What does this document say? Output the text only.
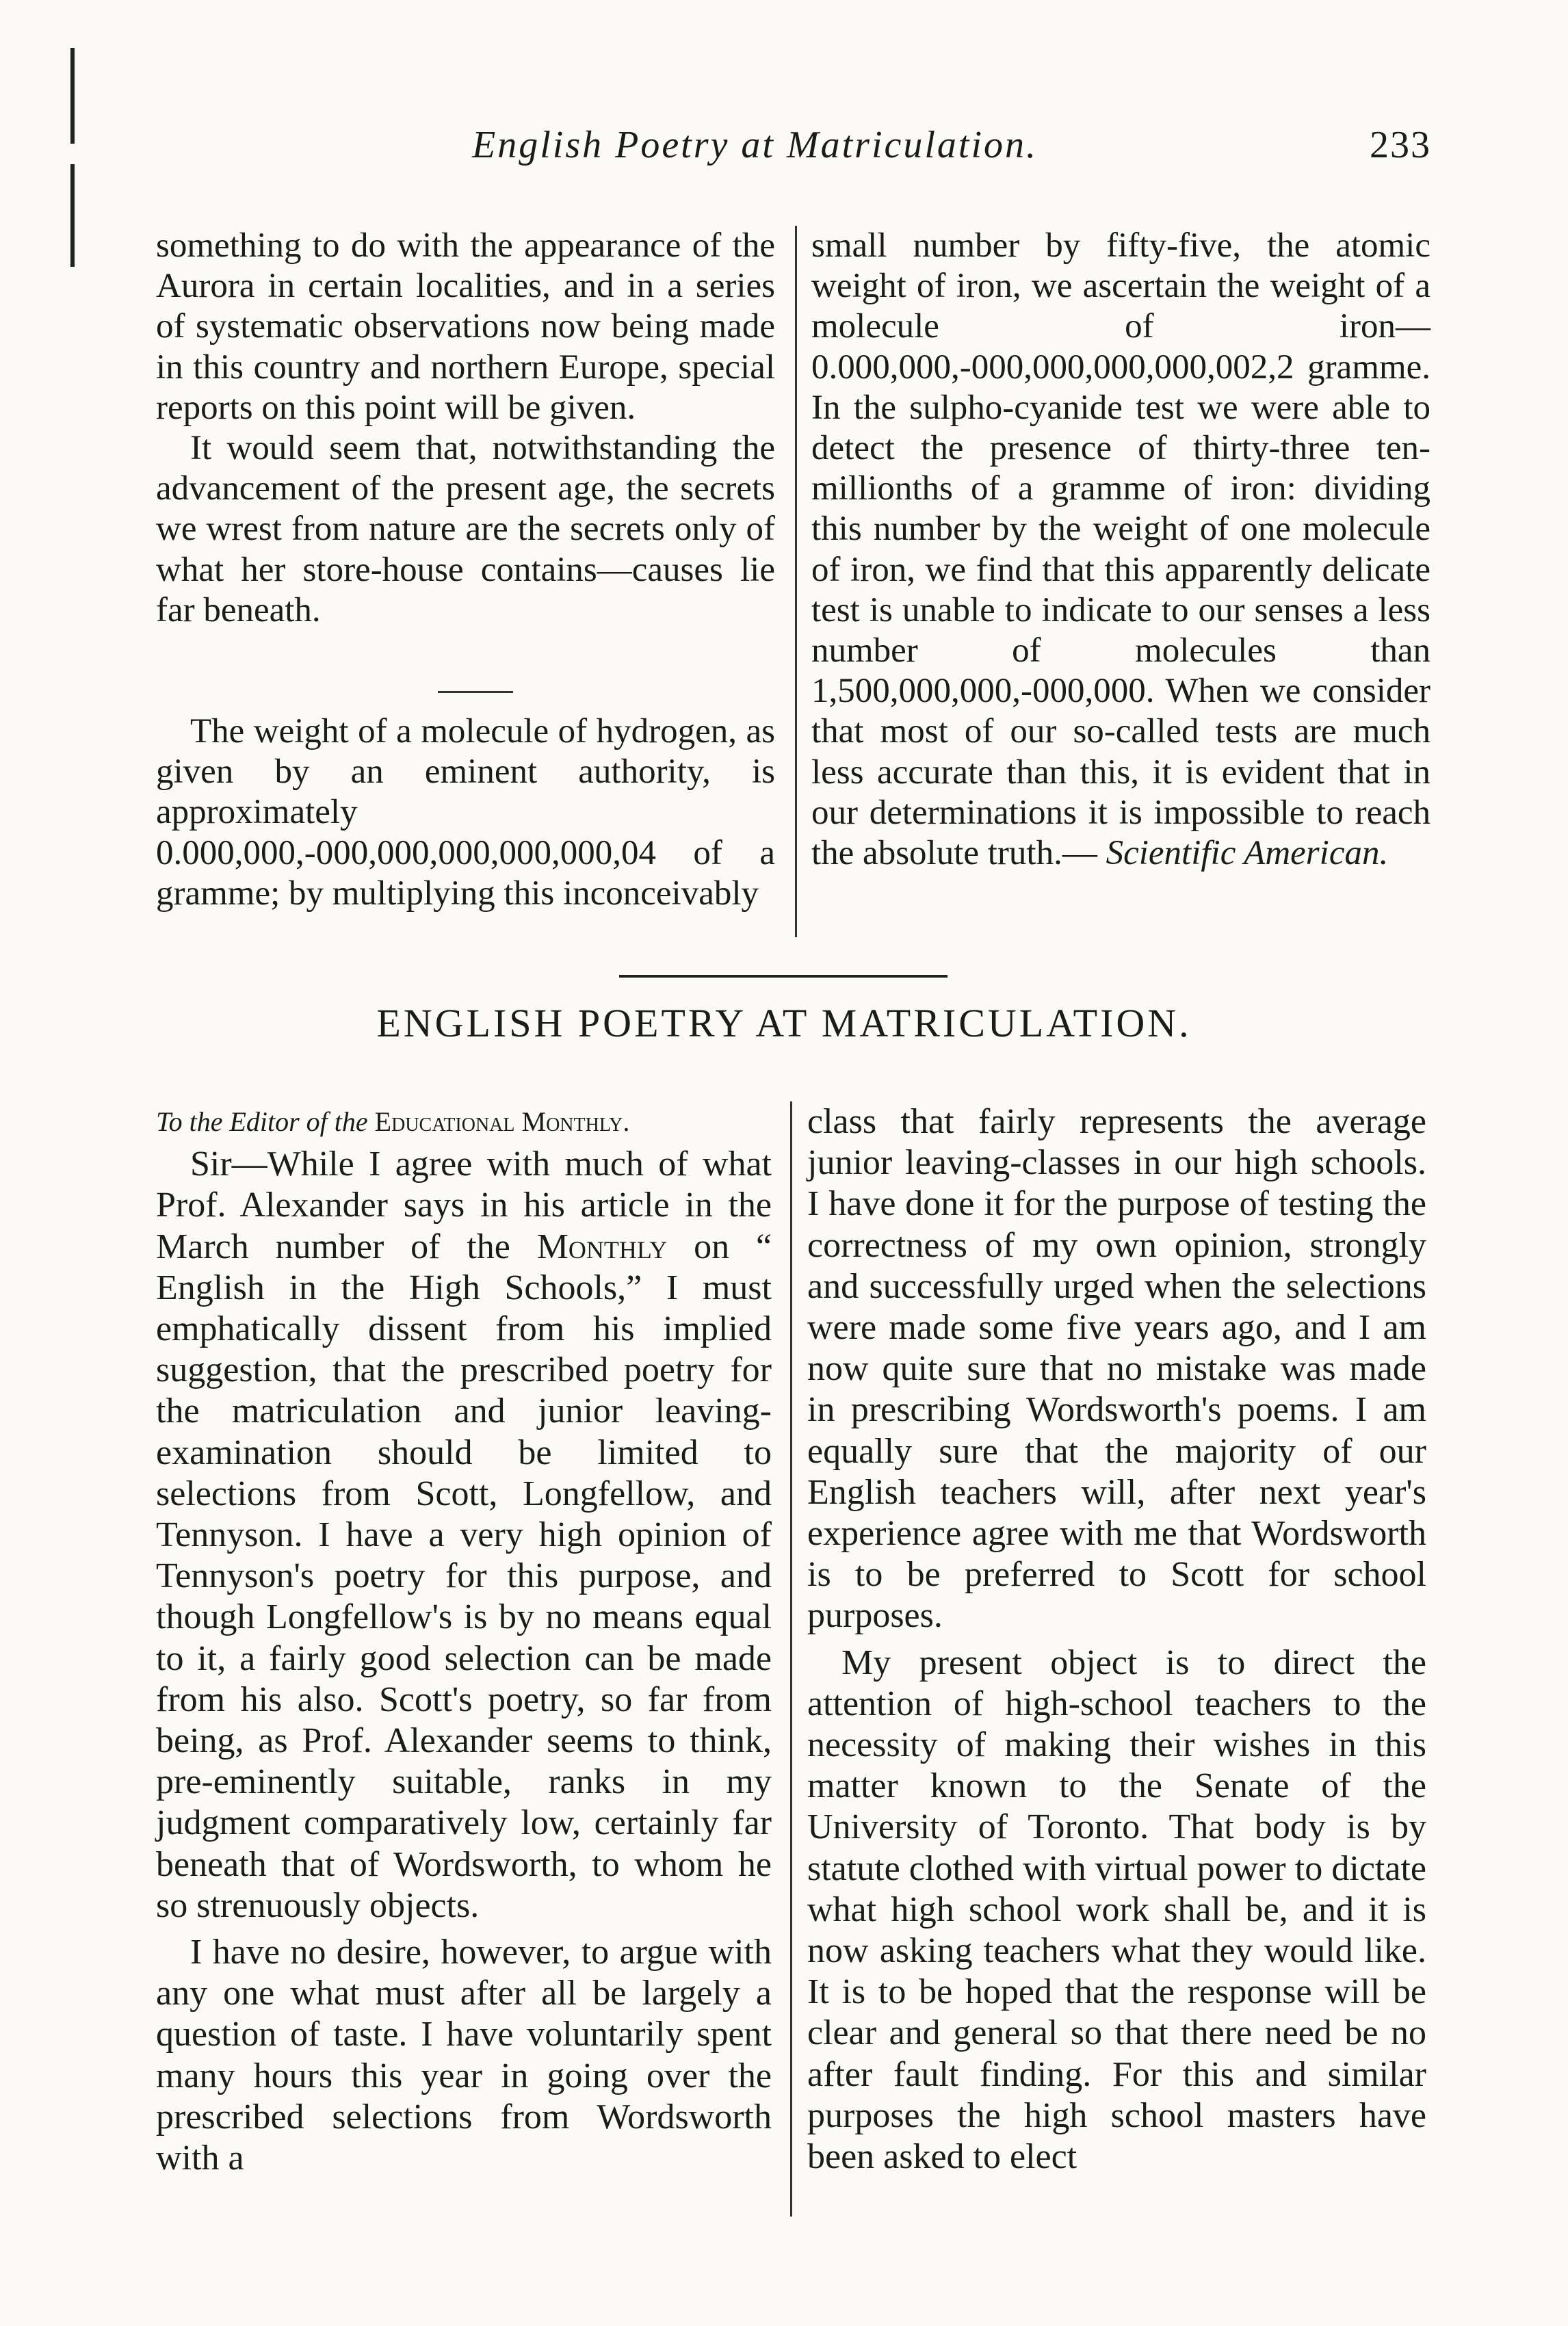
English Poetry at Matriculation.	233

something to do with the appearance of the Aurora in certain localities, and in a series of systematic observations now being made in this country and northern Europe, special reports on this point will be given.

It would seem that, notwithstanding the advancement of the present age, the secrets we wrest from nature are the secrets only of what her store-house contains—causes lie far beneath.

The weight of a molecule of hydrogen, as given by an eminent authority, is approximately 0.000,000,-000,000,000,000,000,04 of a gramme; by multiplying this inconceivably

small number by fifty-five, the atomic weight of iron, we ascertain the weight of a molecule of iron—0.000,000,-000,000,000,000,002,2 gramme. In the sulpho-cyanide test we were able to detect the presence of thirty-three ten-millionths of a gramme of iron: dividing this number by the weight of one molecule of iron, we find that this apparently delicate test is unable to indicate to our senses a less number of molecules than 1,500,000,000,-000,000. When we consider that most of our so-called tests are much less accurate than this, it is evident that in our determinations it is impossible to reach the absolute truth.— Scientific American.

ENGLISH POETRY AT MATRICULATION.

To the Editor of the Educational Monthly.

Sir—While I agree with much of what Prof. Alexander says in his article in the March number of the Monthly on “ English in the High Schools,” I must emphatically dissent from his implied suggestion, that the prescribed poetry for the matriculation and junior leaving-examination should be limited to selections from Scott, Longfellow, and Tennyson. I have a very high opinion of Tennyson's poetry for this purpose, and though Longfellow's is by no means equal to it, a fairly good selection can be made from his also. Scott's poetry, so far from being, as Prof. Alexander seems to think, pre-eminently suitable, ranks in my judgment comparatively low, certainly far beneath that of Wordsworth, to whom he so strenuously objects.

I have no desire, however, to argue with any one what must after all be largely a question of taste. I have voluntarily spent many hours this year in going over the prescribed selections from Wordsworth with a

class that fairly represents the average junior leaving-classes in our high schools. I have done it for the purpose of testing the correctness of my own opinion, strongly and successfully urged when the selections were made some five years ago, and I am now quite sure that no mistake was made in prescribing Wordsworth's poems. I am equally sure that the majority of our English teachers will, after next year's experience agree with me that Wordsworth is to be preferred to Scott for school purposes.

My present object is to direct the attention of high-school teachers to the necessity of making their wishes in this matter known to the Senate of the University of Toronto. That body is by statute clothed with virtual power to dictate what high school work shall be, and it is now asking teachers what they would like. It is to be hoped that the response will be clear and general so that there need be no after fault finding. For this and similar purposes the high school masters have been asked to elect
